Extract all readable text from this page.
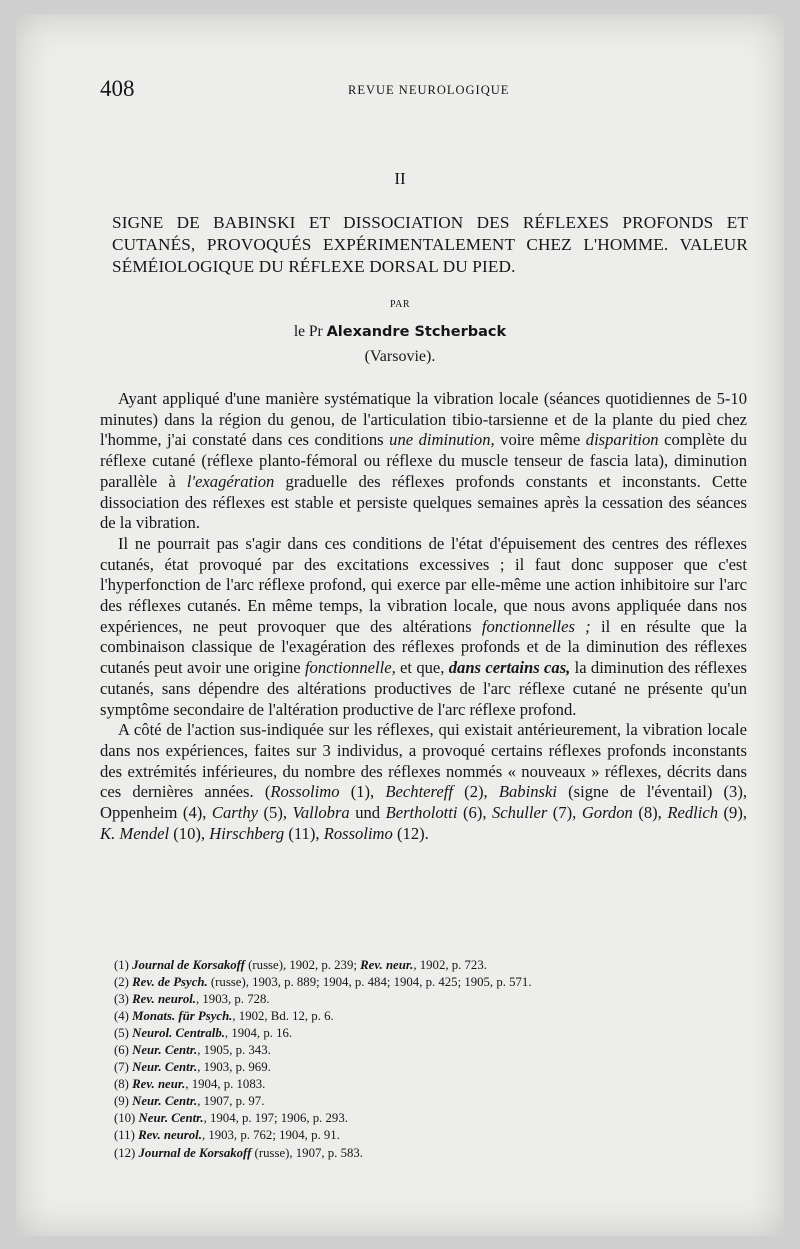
408	REVUE NEUROLOGIQUE
II
SIGNE DE BABINSKI ET DISSOCIATION DES RÉFLEXES PROFONDS ET CUTANÉS, PROVOQUÉS EXPÉRIMENTALEMENT CHEZ L'HOMME. VALEUR SÉMÉIOLOGIQUE DU RÉFLEXE DORSAL DU PIED.
PAR
le Pr Alexandre Stcherback
(Varsovie).

Ayant appliqué d'une manière systématique la vibration locale (séances quotidiennes de 5-10 minutes) dans la région du genou, de l'articulation tibio-tarsienne et de la plante du pied chez l'homme, j'ai constaté dans ces conditions une diminution, voire même disparition complète du réflexe cutané (réflexe planto-fémoral ou réflexe du muscle tenseur de fascia lata), diminution parallèle à l'exagération graduelle des réflexes profonds constants et inconstants. Cette dissociation des réflexes est stable et persiste quelques semaines après la cessation des séances de la vibration.

Il ne pourrait pas s'agir dans ces conditions de l'état d'épuisement des centres des réflexes cutanés, état provoqué par des excitations excessives ; il faut donc supposer que c'est l'hyperfonction de l'arc réflexe profond, qui exerce par elle-même une action inhibitoire sur l'arc des réflexes cutanés. En même temps, la vibration locale, que nous avons appliquée dans nos expériences, ne peut provoquer que des altérations fonctionnelles ; il en résulte que la combinaison classique de l'exagération des réflexes profonds et de la diminution des réflexes cutanés peut avoir une origine fonctionnelle, et que, dans certains cas, la diminution des réflexes cutanés, sans dépendre des altérations productives de l'arc réflexe cutané ne présente qu'un symptôme secondaire de l'altération productive de l'arc réflexe profond.

A côté de l'action sus-indiquée sur les réflexes, qui existait antérieurement, la vibration locale dans nos expériences, faites sur 3 individus, a provoqué certains réflexes profonds inconstants des extrémités inférieures, du nombre des réflexes nommés « nouveaux » réflexes, décrits dans ces dernières années. (Rossolimo (1), Bechtereff (2), Babinski (signe de l'éventail) (3), Oppenheim (4), Carthy (5), Vallobra und Bertholotti (6), Schuller (7), Gordon (8), Redlich (9), K. Mendel (10), Hirschberg (11), Rossolimo (12).

(1) Journal de Korsakoff (russe), 1902, p. 239; Rev. neur., 1902, p. 723.
(2) Rev. de Psych. (russe), 1903, p. 889; 1904, p. 484; 1904, p. 425; 1905, p. 571.
(3) Rev. neurol., 1903, p. 728.
(4) Monats. für Psych., 1902, Bd. 12, p. 6.
(5) Neurol. Centralb., 1904, p. 16.
(6) Neur. Centr., 1905, p. 343.
(7) Neur. Centr., 1903, p. 969.
(8) Rev. neur., 1904, p. 1083.
(9) Neur. Centr., 1907, p. 97.
(10) Neur. Centr., 1904, p. 197; 1906, p. 293.
(11) Rev. neurol., 1903, p. 762; 1904, p. 91.
(12) Journal de Korsakoff (russe), 1907, p. 583.
